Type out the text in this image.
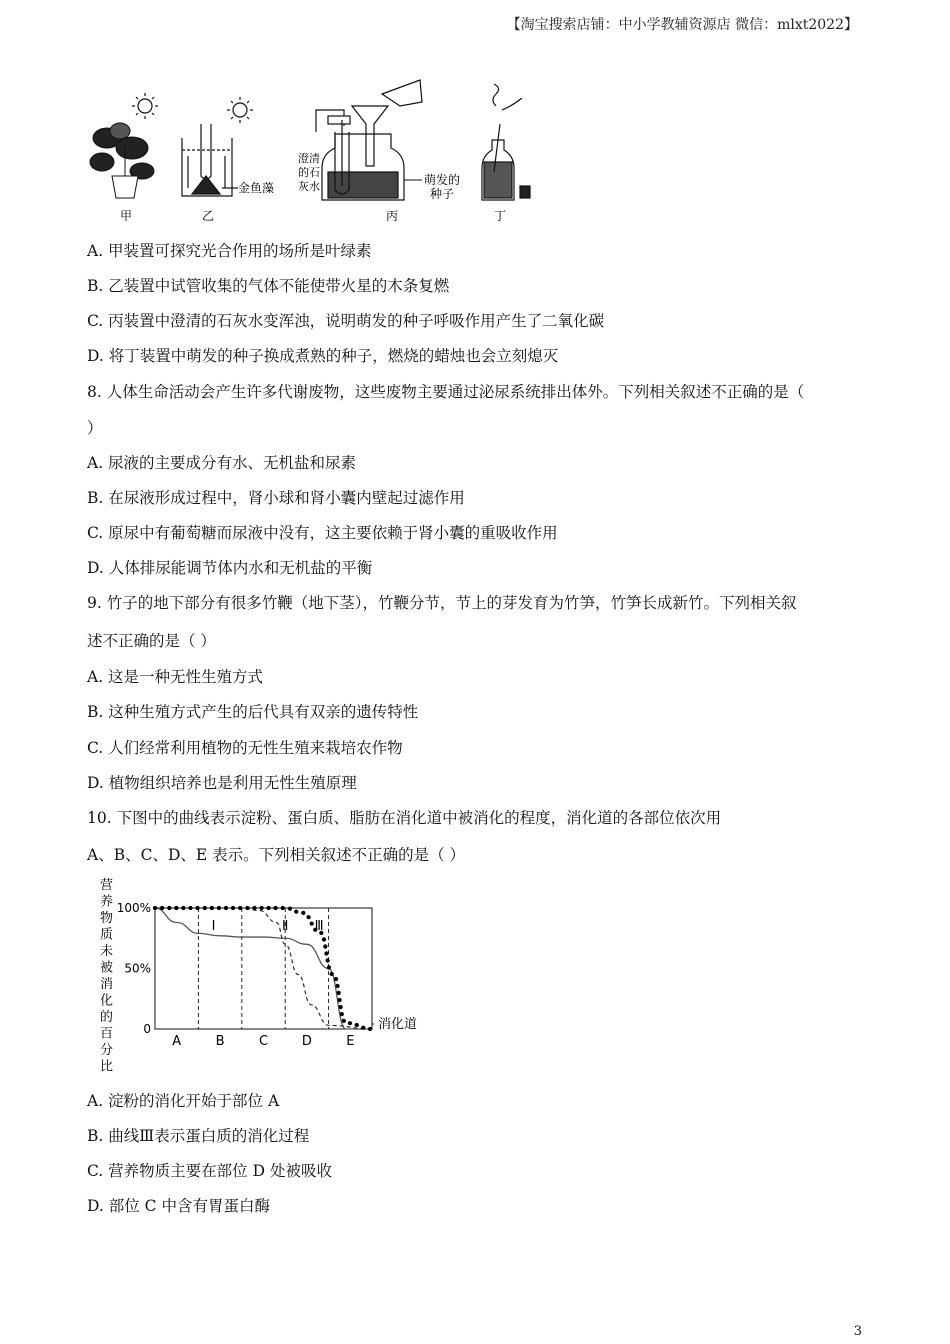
【淘宝搜索店铺：中小学教辅资源店 微信：mlxt2022】
金鱼藻
澄清
的石
灰水	萌发的
种子
甲	乙	丙	丁
A. 甲装置可探究光合作用的场所是叶绿素
B. 乙装置中试管收集的气体不能使带火星的木条复燃
C. 丙装置中澄清的石灰水变浑浊，说明萌发的种子呼吸作用产生了二氧化碳
D. 将丁装置中萌发的种子换成煮熟的种子，燃烧的蜡烛也会立刻熄灭
8. 人体生命活动会产生许多代谢废物，这些废物主要通过泌尿系统排出体外。下列相关叙述不正确的是（
）
A. 尿液的主要成分有水、无机盐和尿素
B. 在尿液形成过程中，肾小球和肾小囊内壁起过滤作用
C. 原尿中有葡萄糖而尿液中没有，这主要依赖于肾小囊的重吸收作用
D. 人体排尿能调节体内水和无机盐的平衡
9. 竹子的地下部分有很多竹鞭（地下茎），竹鞭分节，节上的芽发育为竹笋，竹笋长成新竹。下列相关叙
述不正确的是（ ）
A. 这是一种无性生殖方式
B. 这种生殖方式产生的后代具有双亲的遗传特性
C. 人们经常利用植物的无性生殖来栽培农作物
D. 植物组织培养也是利用无性生殖原理
10. 下图中的曲线表示淀粉、蛋白质、脂肪在消化道中被消化的程度，消化道的各部位依次用
A、B、C、D、E 表示。下列相关叙述不正确的是（ ）
营
养
物
质
未
被
消
化
的
百
分
比
Ⅰ	Ⅱ Ⅲ
0
50%
100%
A	B	C	D	E
消化道
A. 淀粉的消化开始于部位 A
B. 曲线Ⅲ表示蛋白质的消化过程
C. 营养物质主要在部位 D 处被吸收
D. 部位 C 中含有胃蛋白酶
3
